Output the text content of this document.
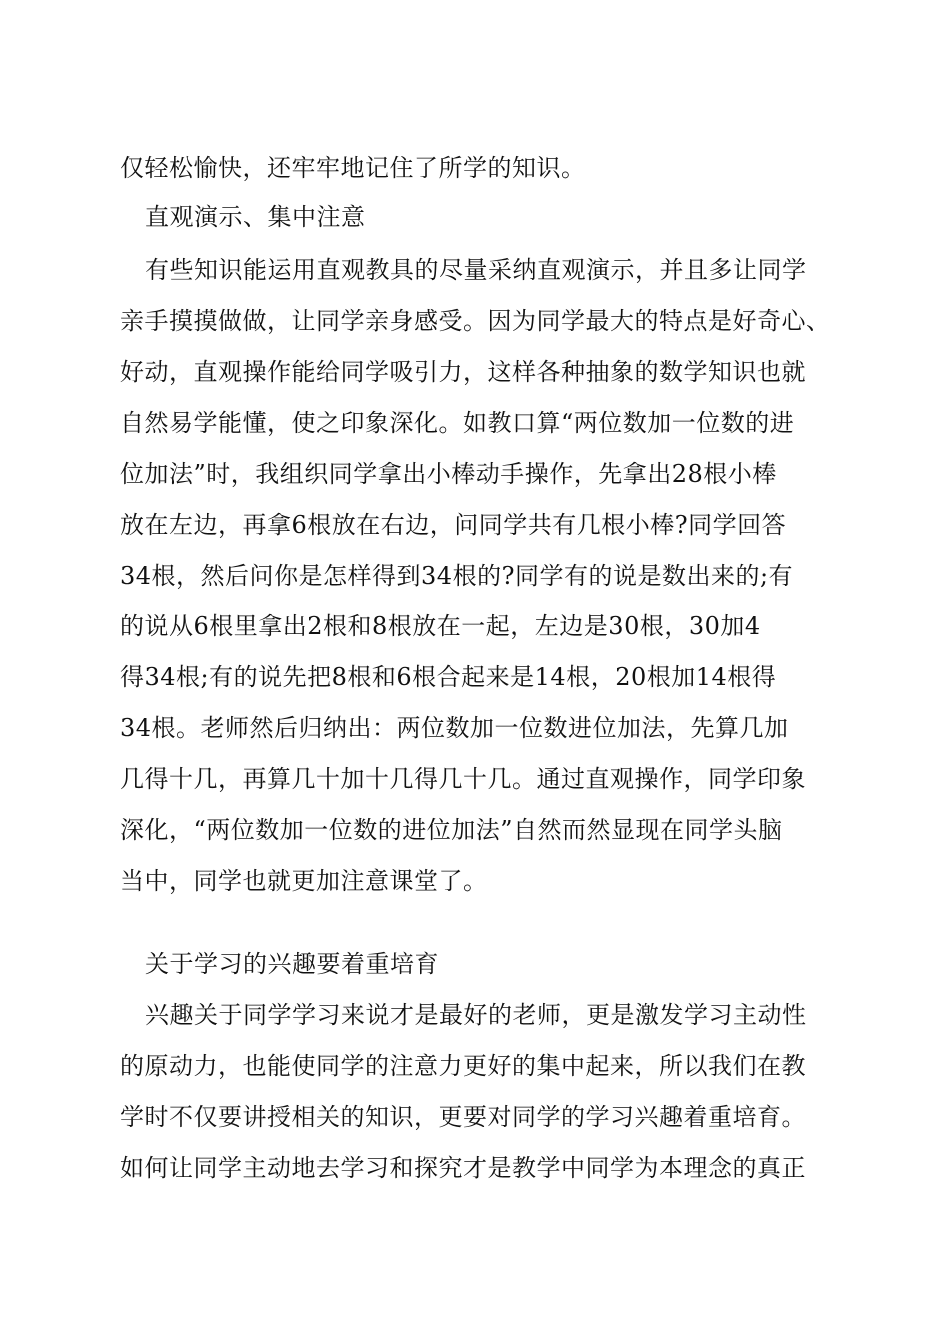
仅轻松愉快，还牢牢地记住了所学的知识。
直观演示、集中注意
有些知识能运用直观教具的尽量采纳直观演示，并且多让同学
亲手摸摸做做，让同学亲身感受。因为同学最大的特点是好奇心、
好动，直观操作能给同学吸引力，这样各种抽象的数学知识也就
自然易学能懂，使之印象深化。如教口算“两位数加一位数的进
位加法”时，我组织同学拿出小棒动手操作，先拿出28根小棒
放在左边，再拿6根放在右边，问同学共有几根小棒?同学回答
34根，然后问你是怎样得到34根的?同学有的说是数出来的;有
的说从6根里拿出2根和8根放在一起，左边是30根，30加4
得34根;有的说先把8根和6根合起来是14根，20根加14根得
34根。老师然后归纳出：两位数加一位数进位加法，先算几加
几得十几，再算几十加十几得几十几。通过直观操作，同学印象
深化，“两位数加一位数的进位加法”自然而然显现在同学头脑
当中，同学也就更加注意课堂了。
关于学习的兴趣要着重培育
兴趣关于同学学习来说才是最好的老师，更是激发学习主动性
的原动力，也能使同学的注意力更好的集中起来，所以我们在教
学时不仅要讲授相关的知识，更要对同学的学习兴趣着重培育。
如何让同学主动地去学习和探究才是教学中同学为本理念的真正
